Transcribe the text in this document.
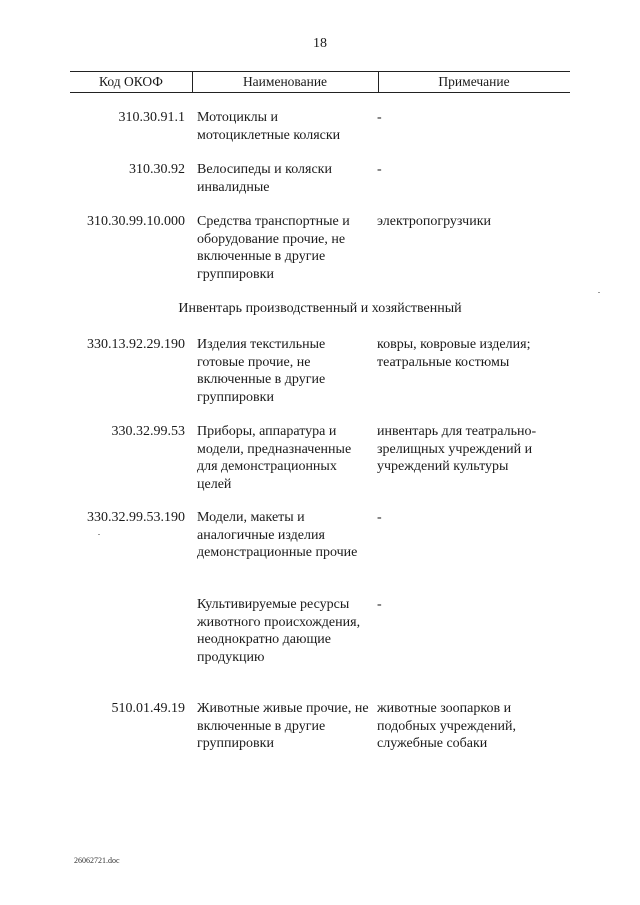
18
Код ОКОФ	Наименование	Примечание
310.30.91.1 Мотоциклы и мотоциклетные коляски
-
310.30.92 Велосипеды и коляски инвалидные
-
310.30.99.10.000 Средства транспортные и оборудование прочие, не включенные в другие группировки
электропогрузчики
Инвентарь производственный и хозяйственный
330.13.92.29.190 Изделия текстильные готовые прочие, не включенные в другие группировки
ковры, ковровые изделия; театральные костюмы
330.32.99.53 Приборы, аппаратура и модели, предназначенные для демонстрационных целей
инвентарь для театрально-зрелищных учреждений и учреждений культуры
330.32.99.53.190 Модели, макеты и аналогичные изделия демонстрационные прочие
-
Культивируемые ресурсы животного происхождения, неоднократно дающие продукцию
-
510.01.49.19 Животные живые прочие, не включенные в другие группировки
животные зоопарков и подобных учреждений, служебные собаки
26062721.doc
